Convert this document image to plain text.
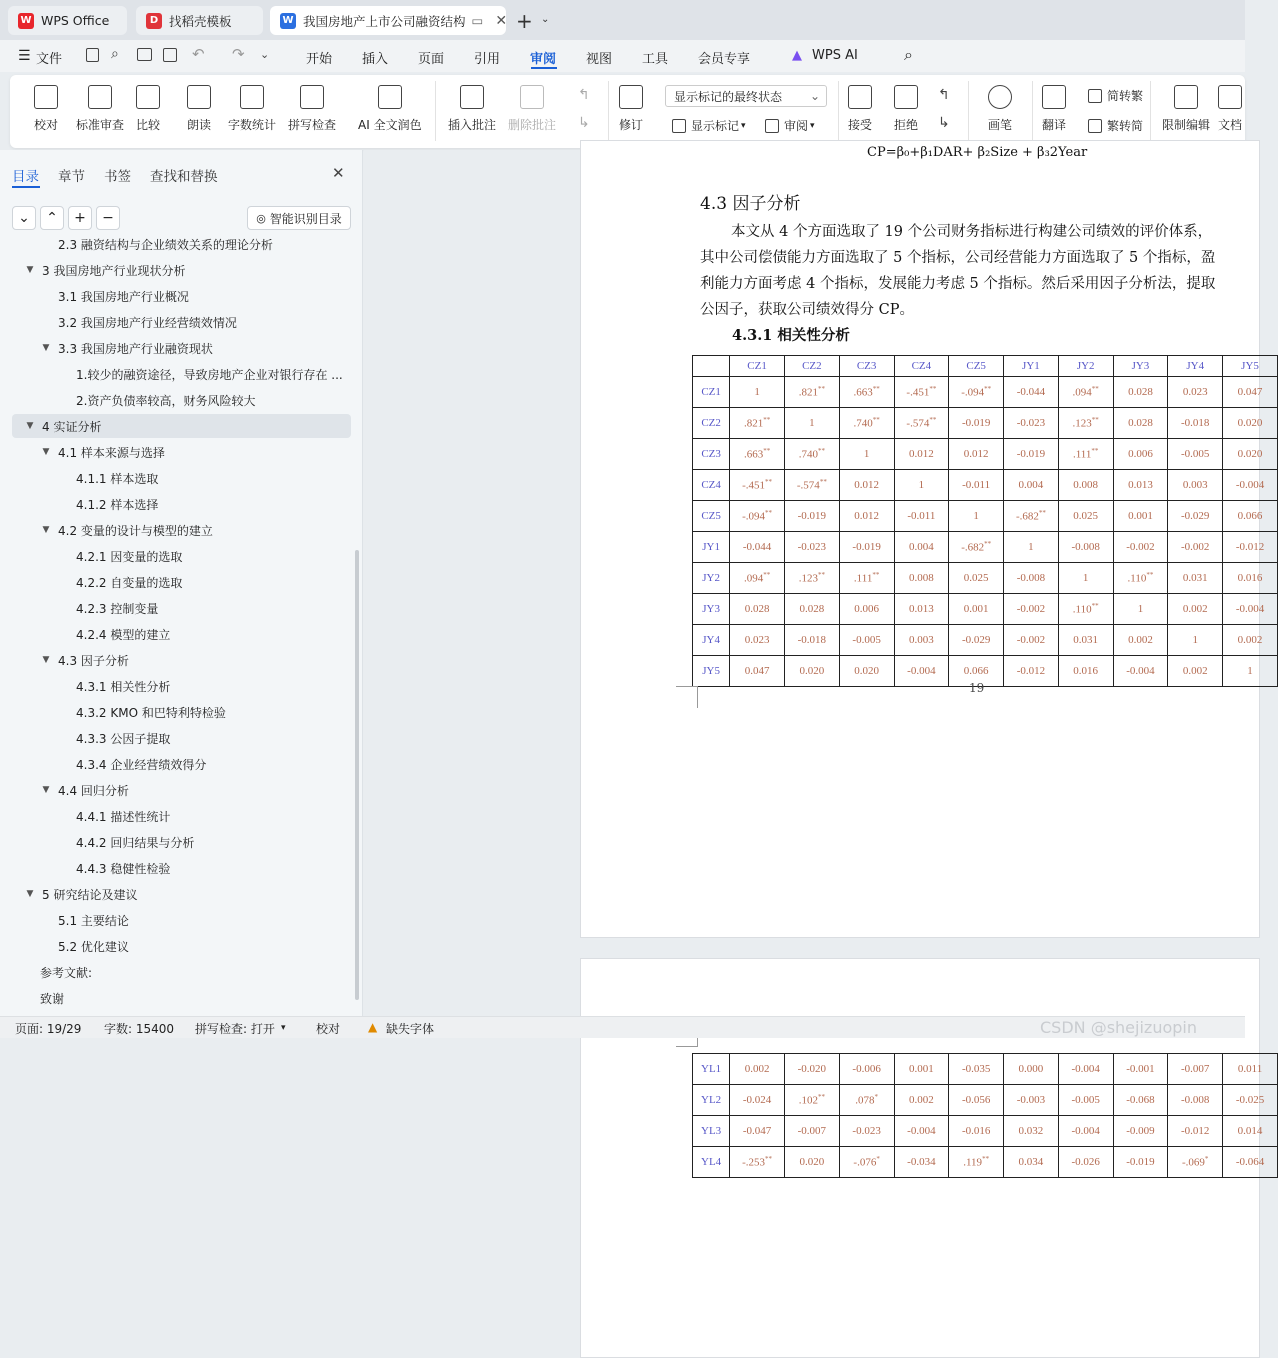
W WPS Office	D 找稻壳模板	W 我国房地产上市公司融资结构 ▭ ✕ + ⌄
☰ 文件	⌕	↶ ↷ ⌄	开始 插入 页面 引用 审阅 视图 工具 会员专享	▲ WPS AI	⌕
校对 标准审查 比较 朗读 字数统计 拼写检查 AI 全文润色 插入批注 删除批注
↰
↳ 修订
显示标记的最终状态 ⌄
显示标记 ▾	审阅 ▾	接受 拒绝
↰
↳	画笔 翻译
简转繁
繁转简 限制编辑 文档
目录 章节 书签 查找和替换	✕
⌄ ⌃ + −	◎ 智能识别目录
2.3 融资结构与企业绩效关系的理论分析
▼ 3 我国房地产行业现状分析
3.1 我国房地产行业概况
3.2 我国房地产行业经营绩效情况
▼ 3.3 我国房地产行业融资现状
1.较少的融资途径，导致房地产企业对银行存在 ...
2.资产负债率较高，财务风险较大
▼ 4 实证分析
▼ 4.1 样本来源与选择
4.1.1 样本选取
4.1.2 样本选择
▼ 4.2 变量的设计与模型的建立
4.2.1 因变量的选取
4.2.2 自变量的选取
4.2.3 控制变量
4.2.4 模型的建立
▼ 4.3 因子分析
4.3.1 相关性分析
4.3.2 KMO 和巴特利特检验
4.3.3 公因子提取
4.3.4 企业经营绩效得分
▼ 4.4 回归分析
4.4.1 描述性统计
4.4.2 回归结果与分析
4.4.3 稳健性检验
▼ 5 研究结论及建议
5.1 主要结论
5.2 优化建议
参考文献:
致谢
CP=β₀+β₁DAR+ β₂Size + β₃2Year
4.3 因子分析
本文从 4 个方面选取了 19 个公司财务指标进行构建公司绩效的评价体系，
其中公司偿债能力方面选取了 5 个指标，公司经营能力方面选取了 5 个指标，盈
利能力方面考虑 4 个指标，发展能力考虑 5 个指标。然后采用因子分析法，提取
公因子，获取公司绩效得分 CP。
4.3.1 相关性分析
	CZ1	CZ2	CZ3	CZ4	CZ5	JY1	JY2	JY3	JY4	JY5
CZ1	1	.821**	.663**	-.451**	-.094**	-0.044	.094**	0.028	0.023	0.047
CZ2	.821**	1	.740**	-.574**	-0.019	-0.023	.123**	0.028	-0.018	0.020
CZ3	.663**	.740**	1	0.012	0.012	-0.019	.111**	0.006	-0.005	0.020
CZ4	-.451**	-.574**	0.012	1	-0.011	0.004	0.008	0.013	0.003	-0.004
CZ5	-.094**	-0.019	0.012	-0.011	1	-.682**	0.025	0.001	-0.029	0.066
JY1	-0.044	-0.023	-0.019	0.004	-.682**	1	-0.008	-0.002	-0.002	-0.012
JY2	.094**	.123**	.111**	0.008	0.025	-0.008	1	.110**	0.031	0.016
JY3	0.028	0.028	0.006	0.013	0.001	-0.002	.110**	1	0.002	-0.004
JY4	0.023	-0.018	-0.005	0.003	-0.029	-0.002	0.031	0.002	1	0.002
JY5	0.047	0.020	0.020	-0.004	0.066	-0.012	0.016	-0.004	0.002	1
19
YL1	0.002	-0.020	-0.006	0.001	-0.035	0.000	-0.004	-0.001	-0.007	0.011
YL2	-0.024	.102**	.078*	0.002	-0.056	-0.003	-0.005	-0.068	-0.008	-0.025
YL3	-0.047	-0.007	-0.023	-0.004	-0.016	0.032	-0.004	-0.009	-0.012	0.014
YL4	-.253**	0.020	-.076*	-0.034	.119**	0.034	-0.026	-0.019	-.069*	-0.064
页面: 19/29 字数: 15400 拼写检查: 打开 ▾	校对 ▲ 缺失字体	CSDN @shejizuopin
